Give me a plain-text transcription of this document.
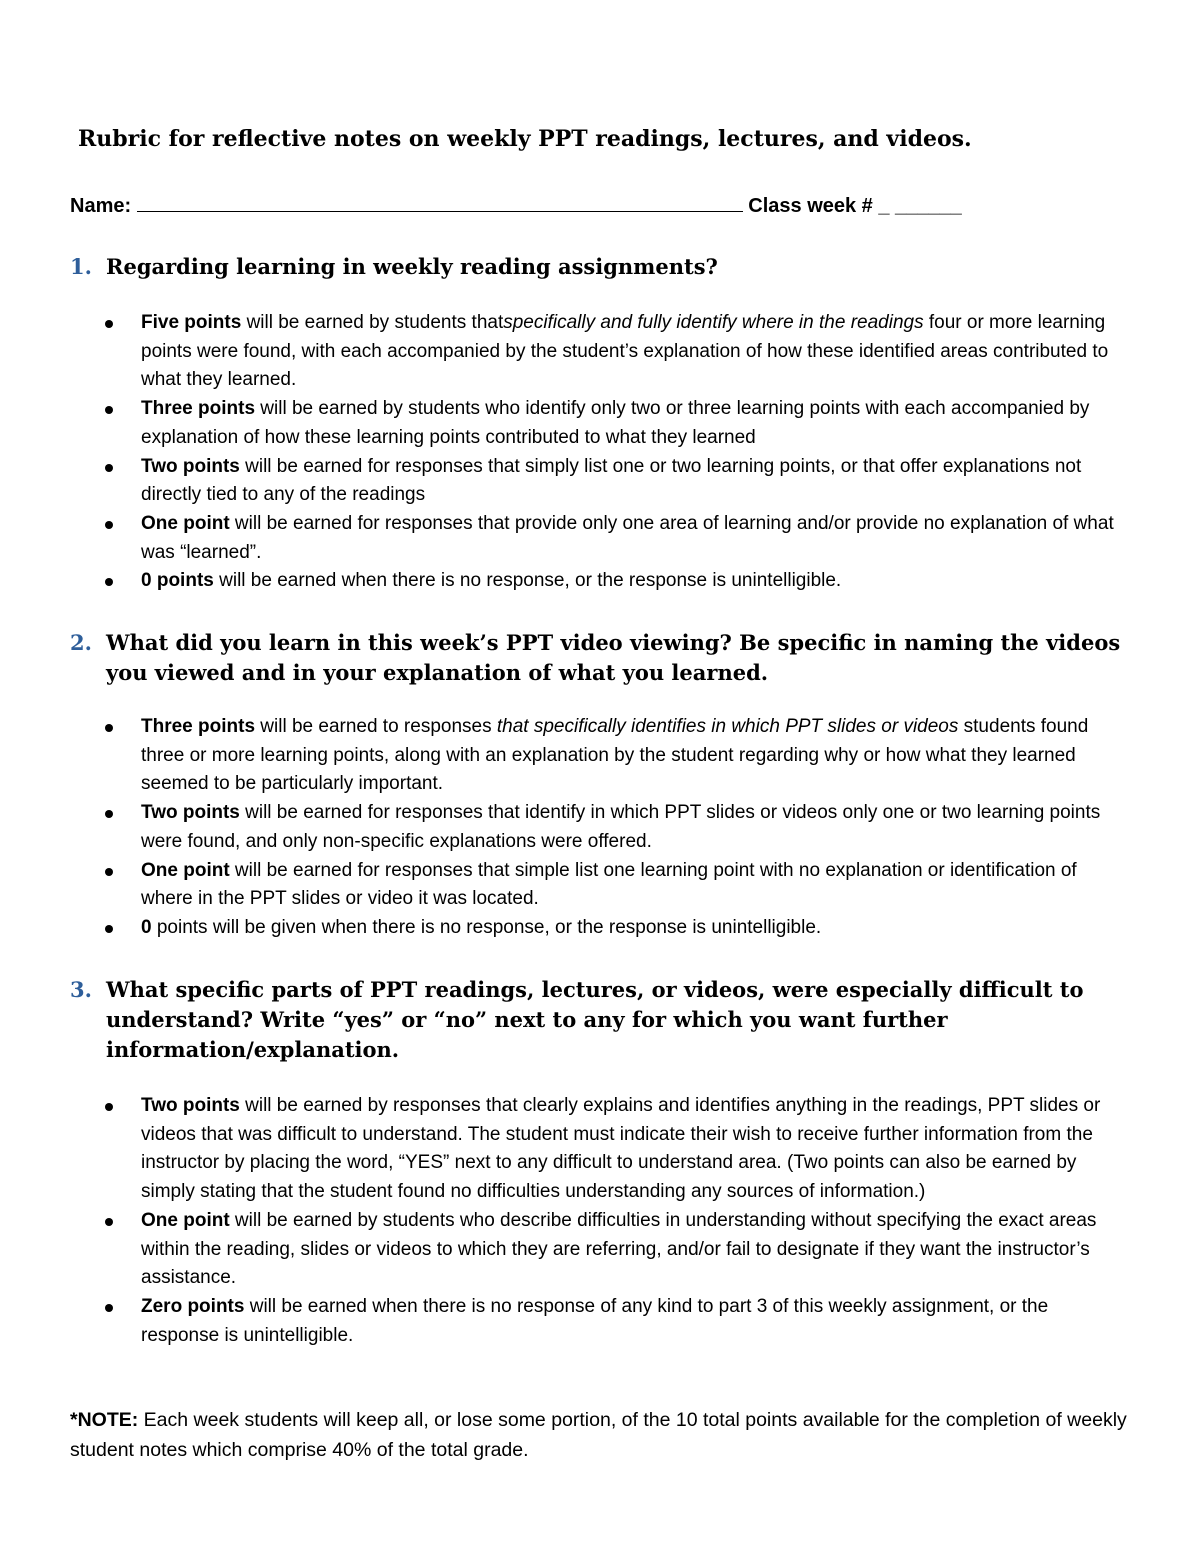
Rubric for reflective notes on weekly PPT readings, lectures, and videos.
Name:	Class week # _ ______
1. Regarding learning in weekly reading assignments?
Five points will be earned by students thatspecifically and fully identify where in the readings four or more learning points were found, with each accompanied by the student’s explanation of how these identified areas contributed to what they learned.
Three points will be earned by students who identify only two or three learning points with each accompanied by explanation of how these learning points contributed to what they learned
Two points will be earned for responses that simply list one or two learning points, or that offer explanations not directly tied to any of the readings
One point will be earned for responses that provide only one area of learning and/or provide no explanation of what was “learned”.
0 points will be earned when there is no response, or the response is unintelligible.
2. What did you learn in this week’s PPT video viewing? Be specific in naming the videos you viewed and in your explanation of what you learned.
Three points will be earned to responses that specifically identifies in which PPT slides or videos students found three or more learning points, along with an explanation by the student regarding why or how what they learned seemed to be particularly important.
Two points will be earned for responses that identify in which PPT slides or videos only one or two learning points were found, and only non-specific explanations were offered.
One point will be earned for responses that simple list one learning point with no explanation or identification of where in the PPT slides or video it was located.
0 points will be given when there is no response, or the response is unintelligible.
3. What specific parts of PPT readings, lectures, or videos, were especially difficult to understand? Write “yes” or “no” next to any for which you want further information/explanation.
Two points will be earned by responses that clearly explains and identifies anything in the readings, PPT slides or videos that was difficult to understand. The student must indicate their wish to receive further information from the instructor by placing the word, “YES” next to any difficult to understand area. (Two points can also be earned by simply stating that the student found no difficulties understanding any sources of information.)
One point will be earned by students who describe difficulties in understanding without specifying the exact areas within the reading, slides or videos to which they are referring, and/or fail to designate if they want the instructor’s assistance.
Zero points will be earned when there is no response of any kind to part 3 of this weekly assignment, or the response is unintelligible.

*NOTE: Each week students will keep all, or lose some portion, of the 10 total points available for the completion of weekly student notes which comprise 40% of the total grade.
